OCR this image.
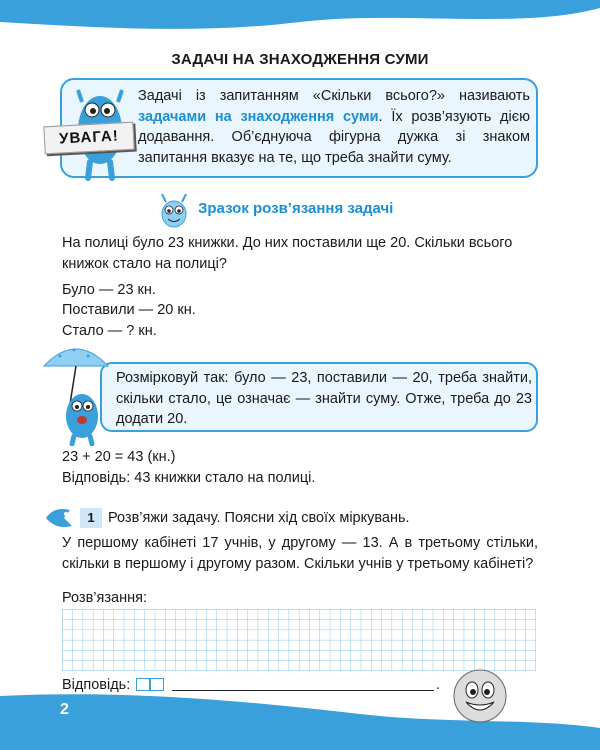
ЗАДАЧІ НА ЗНАХОДЖЕННЯ СУМИ
УВАГА!
Задачі із запитанням «Скільки всього?» називають задачами на знаходження суми. Їх розв’язують дією додавання. Об’єднуюча фігурна дужка зі знаком запитання вказує на те, що треба знайти суму.
Зразок розв’язання задачі
На полиці було 23 книжки. До них поставили ще 20. Скільки всього книжок стало на полиці?
Було — 23 кн.
Поставили — 20 кн.
Стало — ? кн.
Розмірковуй так: було — 23, поставили — 20, треба знайти, скільки стало, це означає — знайти суму. Отже, треба до 23 додати 20.
23 + 20 = 43 (кн.)
Відповідь: 43 книжки стало на полиці.
1 Розв’яжи задачу. Поясни хід своїх міркувань.
У першому кабінеті 17 учнів, у другому — 13. А в третьому стільки, скільки в першому і другому разом. Скільки учнів у третьому кабінеті?
Розв’язання:
Відповідь:	.
2
